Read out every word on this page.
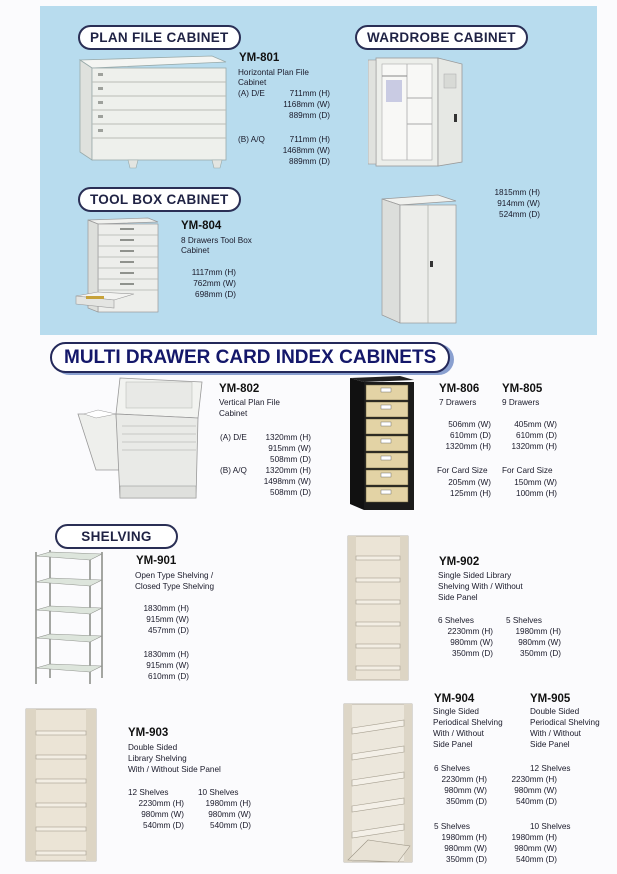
PLAN FILE CABINET
YM-801
Horizontal Plan File
Cabinet
(A) D/E	711mm (H)
1168mm (W)
889mm (D)
(B) A/Q	711mm (H)
1468mm (W)
889mm (D)
WARDROBE CABINET
1815mm (H)
914mm (W)
524mm (D)
TOOL BOX CABINET
YM-804
8 Drawers Tool Box
Cabinet
1117mm (H)
762mm (W)
698mm (D)
MULTI DRAWER CARD INDEX CABINETS
YM-802
Vertical Plan File
Cabinet
(A) D/E	1320mm (H)
915mm (W)
508mm (D)
(B) A/Q	1320mm (H)
1498mm (W)
508mm (D)
YM-806
7 Drawers
506mm (W)
610mm (D)
1320mm (H)
For Card Size
205mm (W)
125mm (H)
YM-805
9 Drawers
405mm (W)
610mm (D)
1320mm (H)
For Card Size
150mm (W)
100mm (H)
SHELVING
YM-901
Open Type Shelving /
Closed Type Shelving
1830mm (H)
915mm (W)
457mm (D)
1830mm (H)
915mm (W)
610mm (D)
YM-902
Single Sided Library
Shelving With / Without
Side Panel
6 Shelves
2230mm (H)
980mm (W)
350mm (D)
5 Shelves
1980mm (H)
980mm (W)
350mm (D)
YM-903
Double Sided
Library Shelving
With / Without Side Panel
12 Shelves
2230mm (H)
980mm (W)
540mm (D)
10 Shelves
1980mm (H)
980mm (W)
540mm (D)
YM-904
Single Sided
Periodical Shelving
With / Without
Side Panel
6 Shelves
2230mm (H)
980mm (W)
350mm (D)
5 Shelves
1980mm (H)
980mm (W)
350mm (D)
YM-905
Double Sided
Periodical Shelving
With / Without
Side Panel
12 Shelves
2230mm (H)
980mm (W)
540mm (D)
10 Shelves
1980mm (H)
980mm (W)
540mm (D)
